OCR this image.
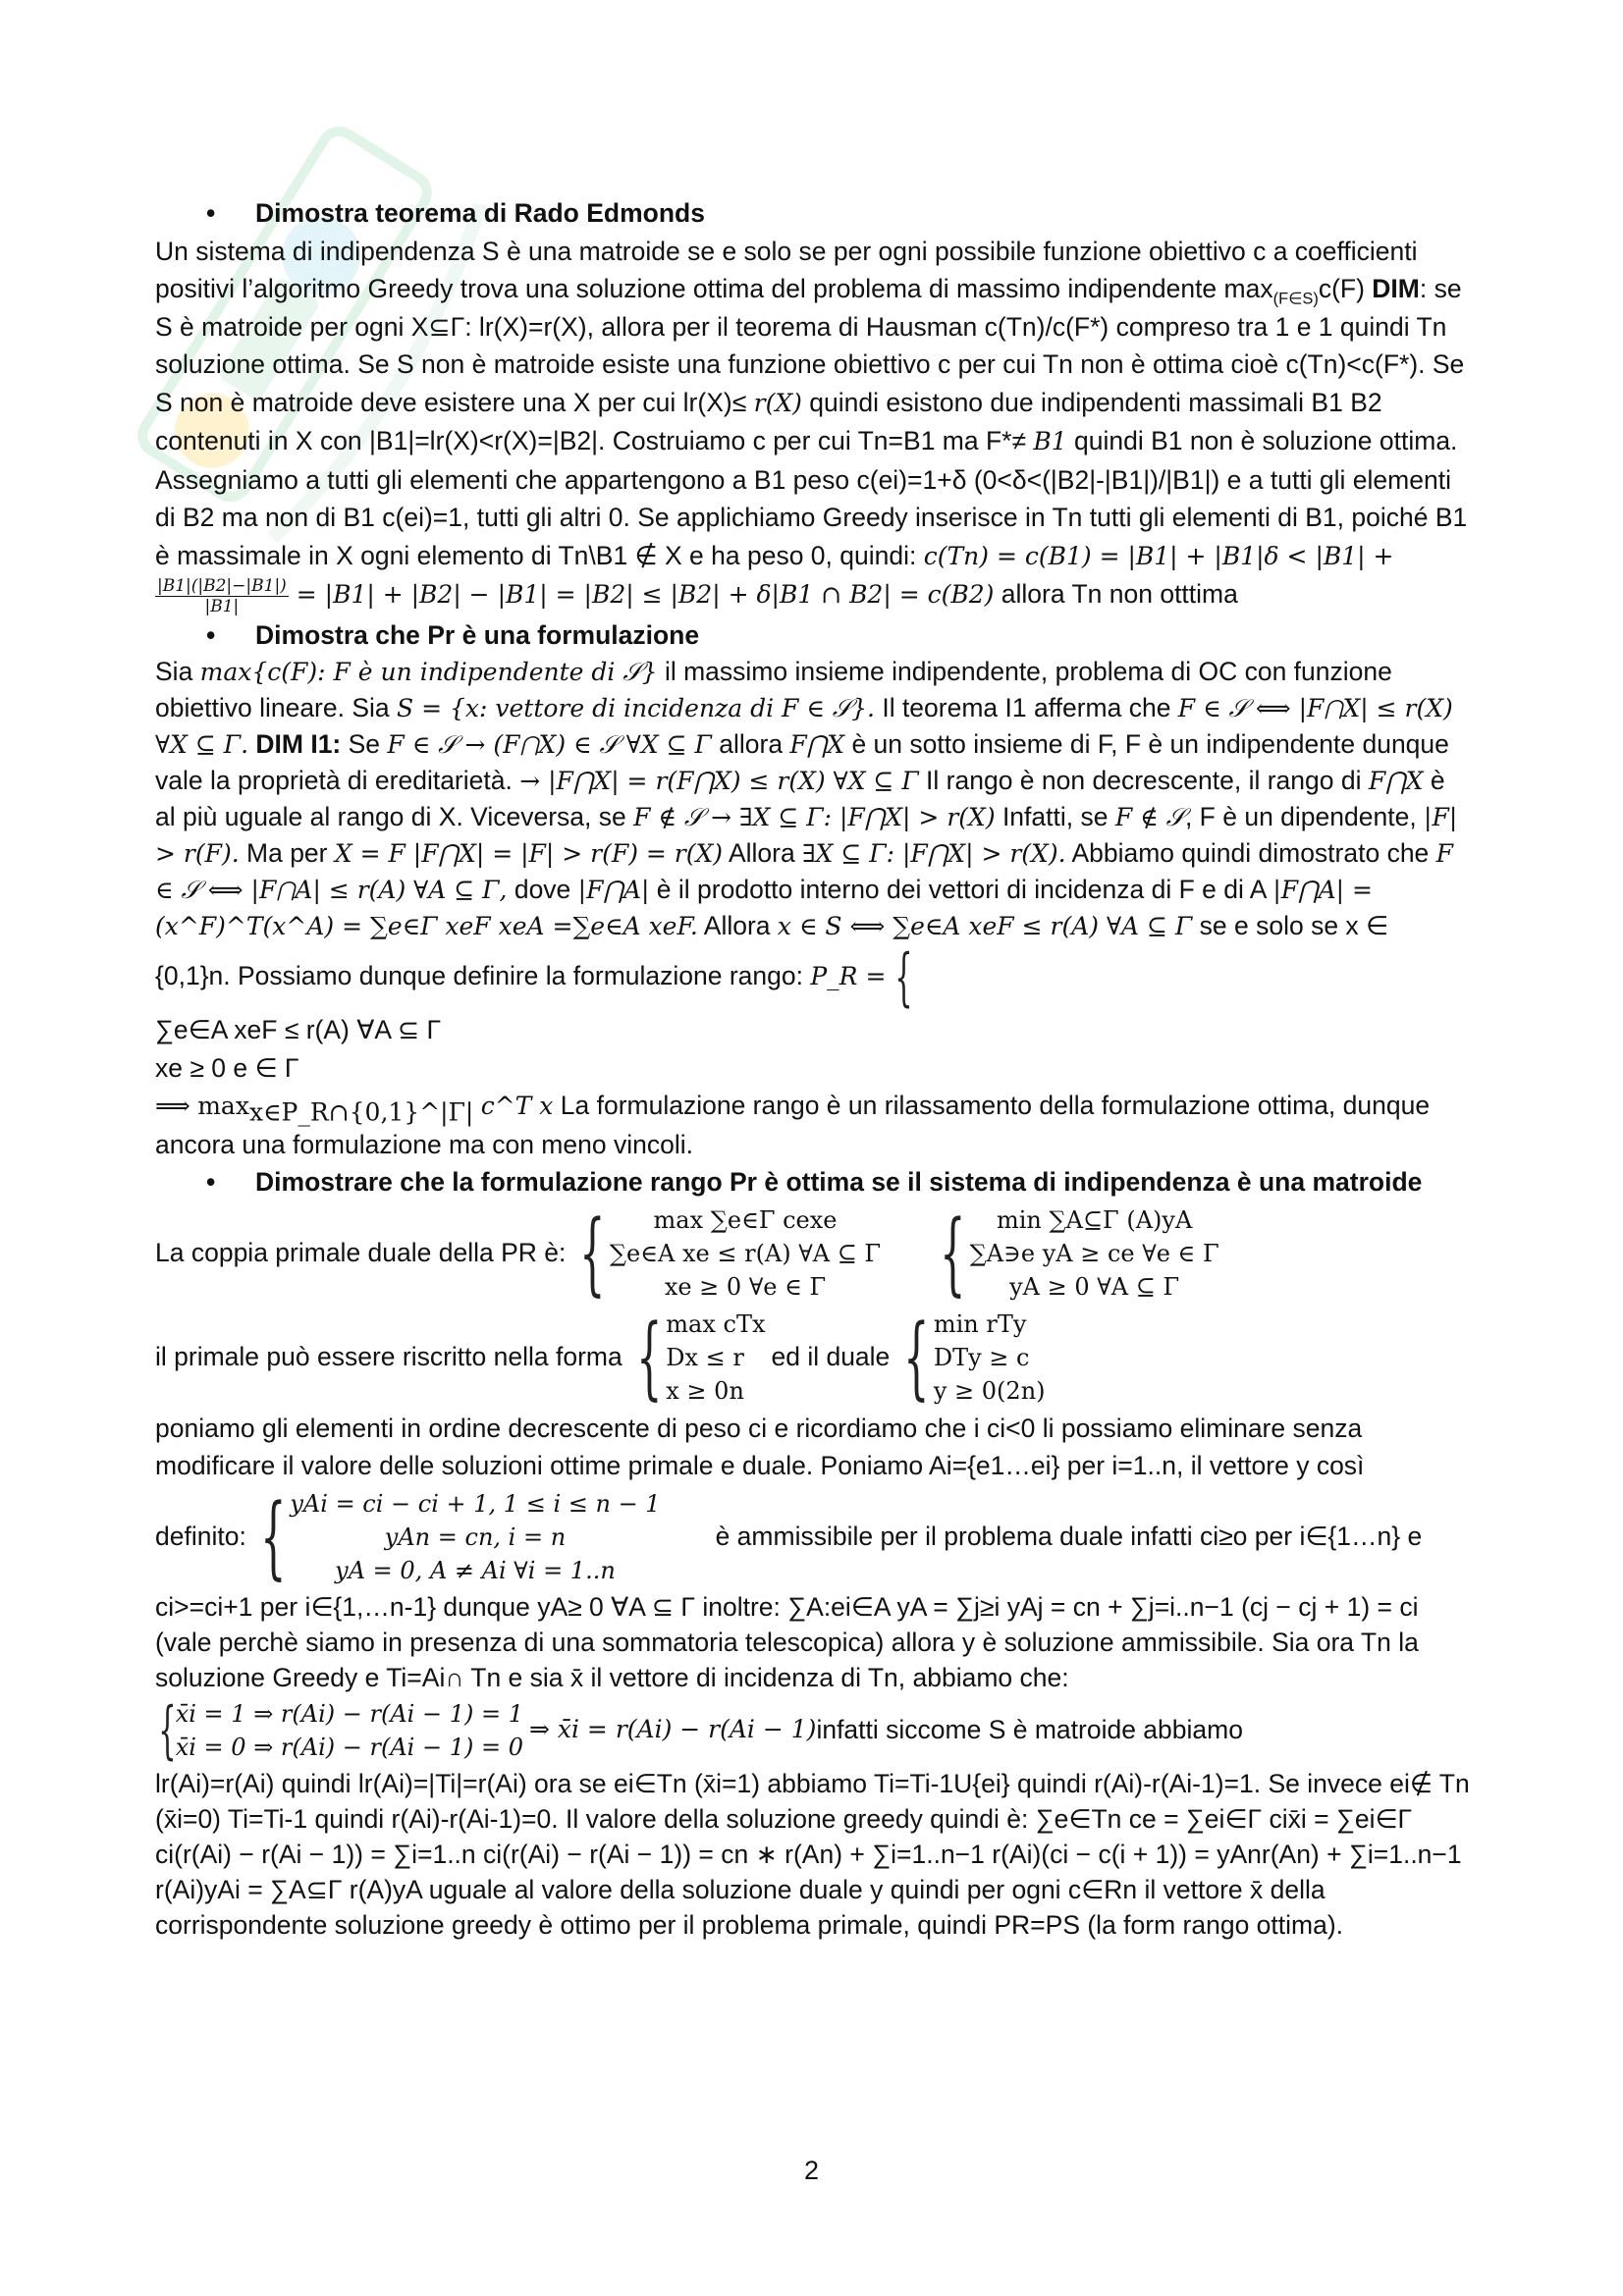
• Dimostra teorema di Rado Edmonds

Un sistema di indipendenza S è una matroide se e solo se per ogni possibile funzione obiettivo c a coefficienti positivi l’algoritmo Greedy trova una soluzione ottima del problema di massimo indipendente $\max_{(F\in S)}c(F)$ DIM: se S è matroide per ogni X⊆Γ: lr(X)=r(X), allora per il teorema di Hausman c(Tn)/c(F*) compreso tra 1 e 1 quindi Tn soluzione ottima. Se S non è matroide esiste una funzione obiettivo c per cui Tn non è ottima cioè c(Tn)<c(F*). Se S non è matroide deve esistere una X per cui lr(X)≤ r(X) quindi esistono due indipendenti massimali B1 B2 contenuti in X con |B1|=lr(X)<r(X)=|B2|. Costruiamo c per cui Tn=B1 ma F*≠ B1 quindi B1 non è soluzione ottima. Assegniamo a tutti gli elementi che appartengono a B1 peso c(ei)=1+δ (0<δ<(|B2|-|B1|)/|B1|) e a tutti gli elementi di B2 ma non di B1 c(ei)=1, tutti gli altri 0. Se applichiamo Greedy inserisce in Tn tutti gli elementi di B1, poiché B1 è massimale in X ogni elemento di Tn\B1 ∉ X e ha peso 0, quindi: c(Tn) = c(B1) = |B1| + |B1|δ < |B1| +
$\frac{|B1|(|B2|-|B1|)}{|B1|} = |B1| + |B2| - |B1| = |B2| \le |B2| + \delta|B1$ ∩ B2| = c(B2) allora Tn non otttima

• Dimostra che Pr è una formulazione

Sia max{c(F): F è un indipendente di 𝒮} il massimo insieme indipendente, problema di OC con funzione obiettivo lineare. Sia S = {x: vettore di incidenza di F ∈ 𝒮}. Il teorema I1 afferma che F ∈ 𝒮 ⟺ |F⋂X| ≤ r(X) ∀X ⊆ Γ. DIM I1: Se F ∈ 𝒮 → (F⋂X) ∈ 𝒮 ∀X ⊆ Γ allora F⋂X è un sotto insieme di F, F è un indipendente dunque vale la proprietà di ereditarietà. → |F⋂X| = r(F⋂X) ≤ r(X) ∀X ⊆ Γ Il rango è non decrescente, il rango di F⋂X è al più uguale al rango di X. Viceversa, se F ∉ 𝒮 → ∃X ⊆ Γ: |F⋂X| > r(X) Infatti, se F ∉ 𝒮, F è un dipendente, |F| > r(F). Ma per X = F |F⋂X| = |F| > r(F) = r(X) Allora ∃X ⊆ Γ: |F⋂X| > r(X). Abbiamo quindi dimostrato che F ∈ 𝒮 ⟺ |F⋂A| ≤ r(A) ∀A ⊆ Γ, dove |F⋂A| è il prodotto interno dei vettori di incidenza di F e di A |F⋂A| = (x^F)^T(x^A) = ∑e∈Γ xeF xeA =∑e∈A xeF. Allora x ∈ S ⟺ ∑e∈A xeF ≤ r(A) ∀A ⊆ Γ se e solo se x ∈ {0,1}n. Possiamo dunque definire la formulazione rango: P_R = {

∑e∈A xeF ≤ r(A) ∀A ⊆ Γ
xe ≥ 0 e ∈ Γ
⟹ $\max_{x\in P\_R\cap\{0,1\}\^{}|\Gamma|}$ c^T x La formulazione rango è un rilassamento della formulazione ottima, dunque ancora una formulazione ma con meno vincoli.

• Dimostrare che la formulazione rango Pr è ottima se il sistema di indipendenza è una matroide
La coppia primale duale della PR è: {	max ∑e∈Γ cexe
∑e∈A xe ≤ r(A) ∀A ⊆ Γ
xe ≥ 0 ∀e ∈ Γ	{	min ∑A⊆Γ (A)yA
∑A∋e yA ≥ ce ∀e ∈ Γ
yA ≥ 0 ∀A ⊆ Γ
il primale può essere riscritto nella forma { max cTx
Dx ≤ r
x ≥ 0n
ed il duale { min rTy
DTy ≥ c
y ≥ 0(2n)

poniamo gli elementi in ordine decrescente di peso ci e ricordiamo che i ci<0 li possiamo eliminare senza modificare il valore delle soluzioni ottime primale e duale. Poniamo Ai={e1…ei} per i=1..n, il vettore y così

definito: { yAi = ci − ci + 1, 1 ≤ i ≤ n − 1
yAn = cn, i = n
yA = 0, A ≠ Ai ∀i = 1..n
è ammissibile per il problema duale infatti ci≥o per i∈{1…n} e

ci>=ci+1 per i∈{1,…n-1} dunque yA≥ 0 ∀A ⊆ Γ inoltre: ∑A:ei∈A yA = ∑j≥i yAj = cn + ∑j=i..n−1 (cj − cj + 1) = ci (vale perchè siamo in presenza di una sommatoria telescopica) allora y è soluzione ammissibile. Sia ora Tn la soluzione Greedy e Ti=Ai∩ Tn e sia x̄ il vettore di incidenza di Tn, abbiamo che:

{ x̄i = 1 ⇒ r(Ai) − r(Ai − 1) = 1
x̄i = 0 ⇒ r(Ai) − r(Ai − 1) = 0
⇒ x̄i = r(Ai) − r(Ai − 1) infatti siccome S è matroide abbiamo

lr(Ai)=r(Ai) quindi lr(Ai)=|Ti|=r(Ai) ora se ei∈Tn (x̄i=1) abbiamo Ti=Ti-1U{ei} quindi r(Ai)-r(Ai-1)=1. Se invece ei∉ Tn (x̄i=0) Ti=Ti-1 quindi r(Ai)-r(Ai-1)=0. Il valore della soluzione greedy quindi è: ∑e∈Tn ce = ∑ei∈Γ cix̄i = ∑ei∈Γ ci(r(Ai) − r(Ai − 1)) = ∑i=1..n ci(r(Ai) − r(Ai − 1)) = cn ∗ r(An) + ∑i=1..n−1 r(Ai)(ci − c(i + 1)) = yAnr(An) + ∑i=1..n−1 r(Ai)yAi = ∑A⊆Γ r(A)yA uguale al valore della soluzione duale y quindi per ogni c∈Rn il vettore x̄ della corrispondente soluzione greedy è ottimo per il problema primale, quindi PR=PS (la form rango ottima).

2
